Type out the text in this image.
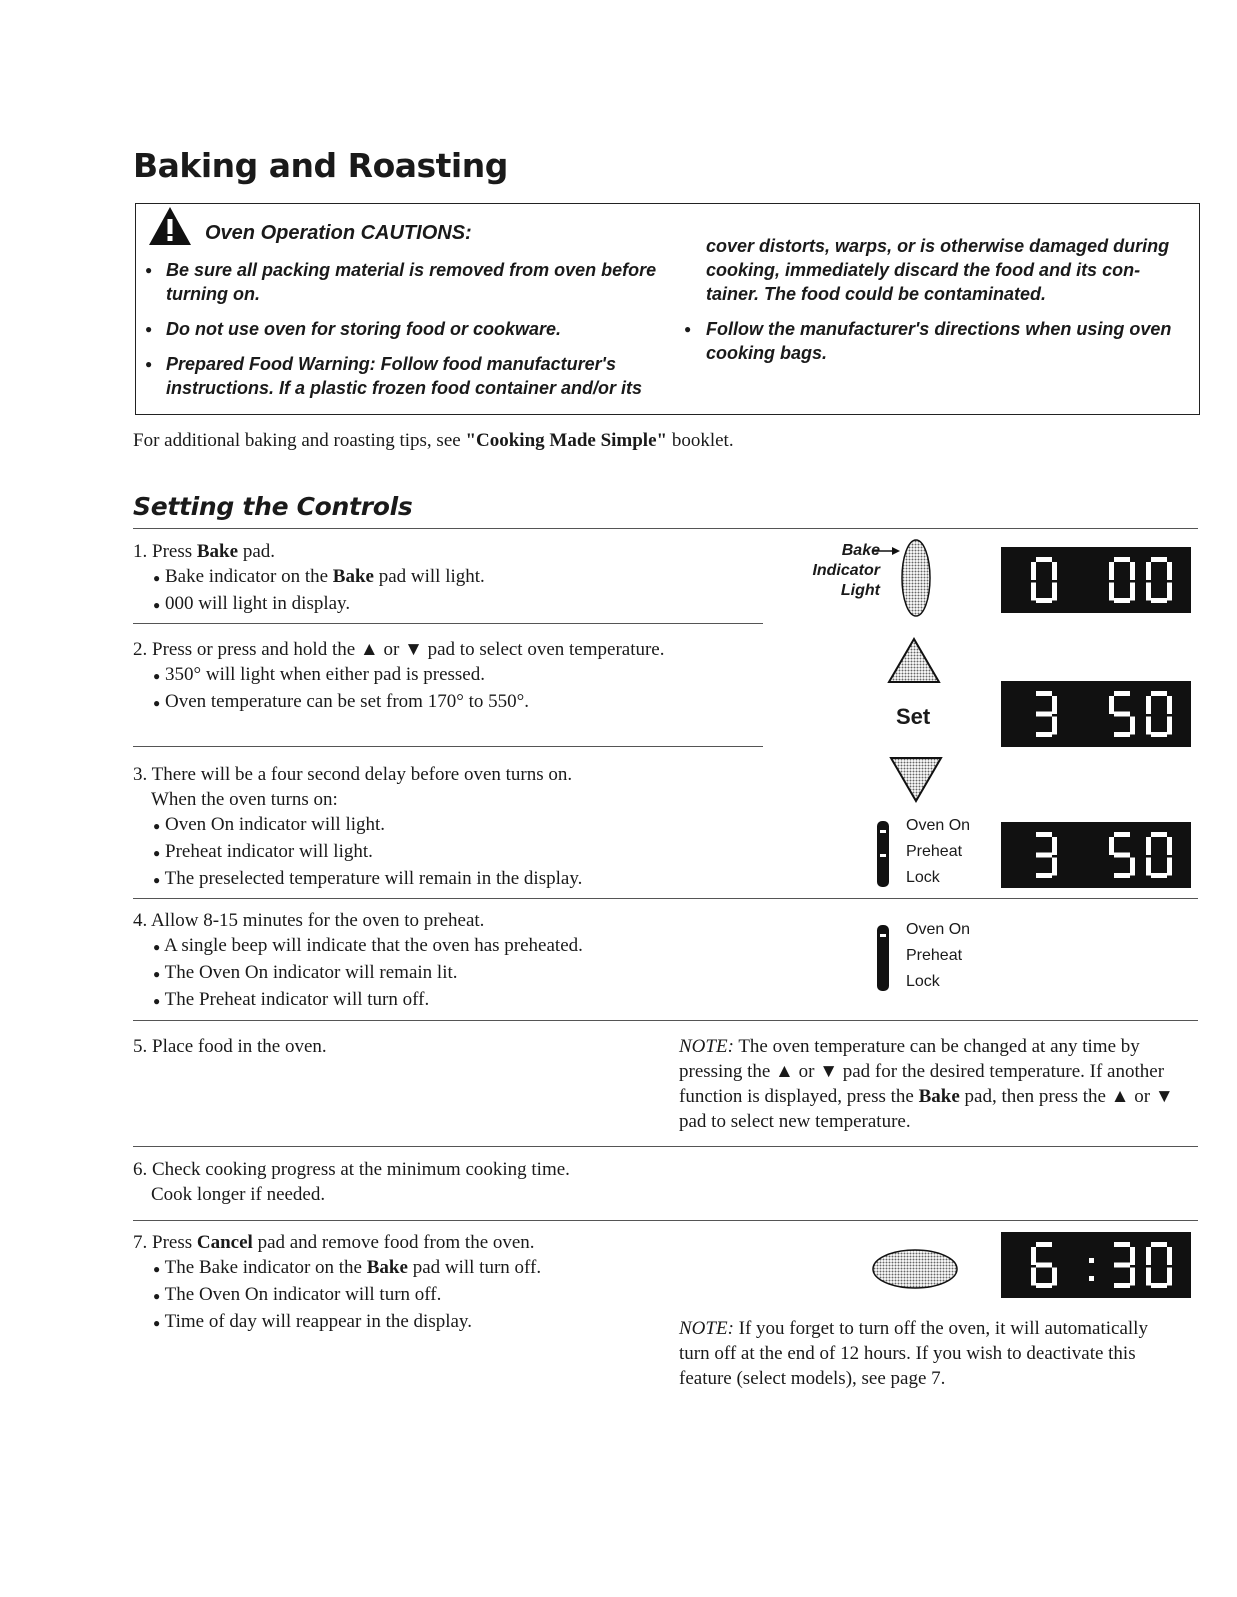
Baking and Roasting
Oven Operation CAUTIONS:
● Be sure all packing material is removed from oven before
turning on.
● Do not use oven for storing food or cookware.
● Prepared Food Warning: Follow food manufacturer's
instructions. If a plastic frozen food container and/or its
cover distorts, warps, or is otherwise damaged during
cooking, immediately discard the food and its con-
tainer. The food could be contaminated.
● Follow the manufacturer's directions when using oven
cooking bags.
For additional baking and roasting tips, see "Cooking Made Simple" booklet.
Setting the Controls
1. Press Bake pad.
● Bake indicator on the Bake pad will light.
● 000 will light in display.
2. Press or press and hold the ▲ or ▼ pad to select oven temperature.
● 350° will light when either pad is pressed.
● Oven temperature can be set from 170° to 550°.
3. There will be a four second delay before oven turns on.
When the oven turns on:
● Oven On indicator will light.
● Preheat indicator will light.
● The preselected temperature will remain in the display.
4. Allow 8-15 minutes for the oven to preheat.
● A single beep will indicate that the oven has preheated.
● The Oven On indicator will remain lit.
● The Preheat indicator will turn off.
5. Place food in the oven.	NOTE: The oven temperature can be changed at any time by
pressing the ▲ or ▼ pad for the desired temperature. If another
function is displayed, press the Bake pad, then press the ▲ or ▼
pad to select new temperature.
6. Check cooking progress at the minimum cooking time.
Cook longer if needed.
7. Press Cancel pad and remove food from the oven.
● The Bake indicator on the Bake pad will turn off.
● The Oven On indicator will turn off.
● Time of day will reappear in the display.	NOTE: If you forget to turn off the oven, it will automatically
turn off at the end of 12 hours. If you wish to deactivate this
feature (select models), see page 7.
Bake
Indicator
Light
Set
Oven On
Preheat
Lock
Oven On
Preheat
Lock
